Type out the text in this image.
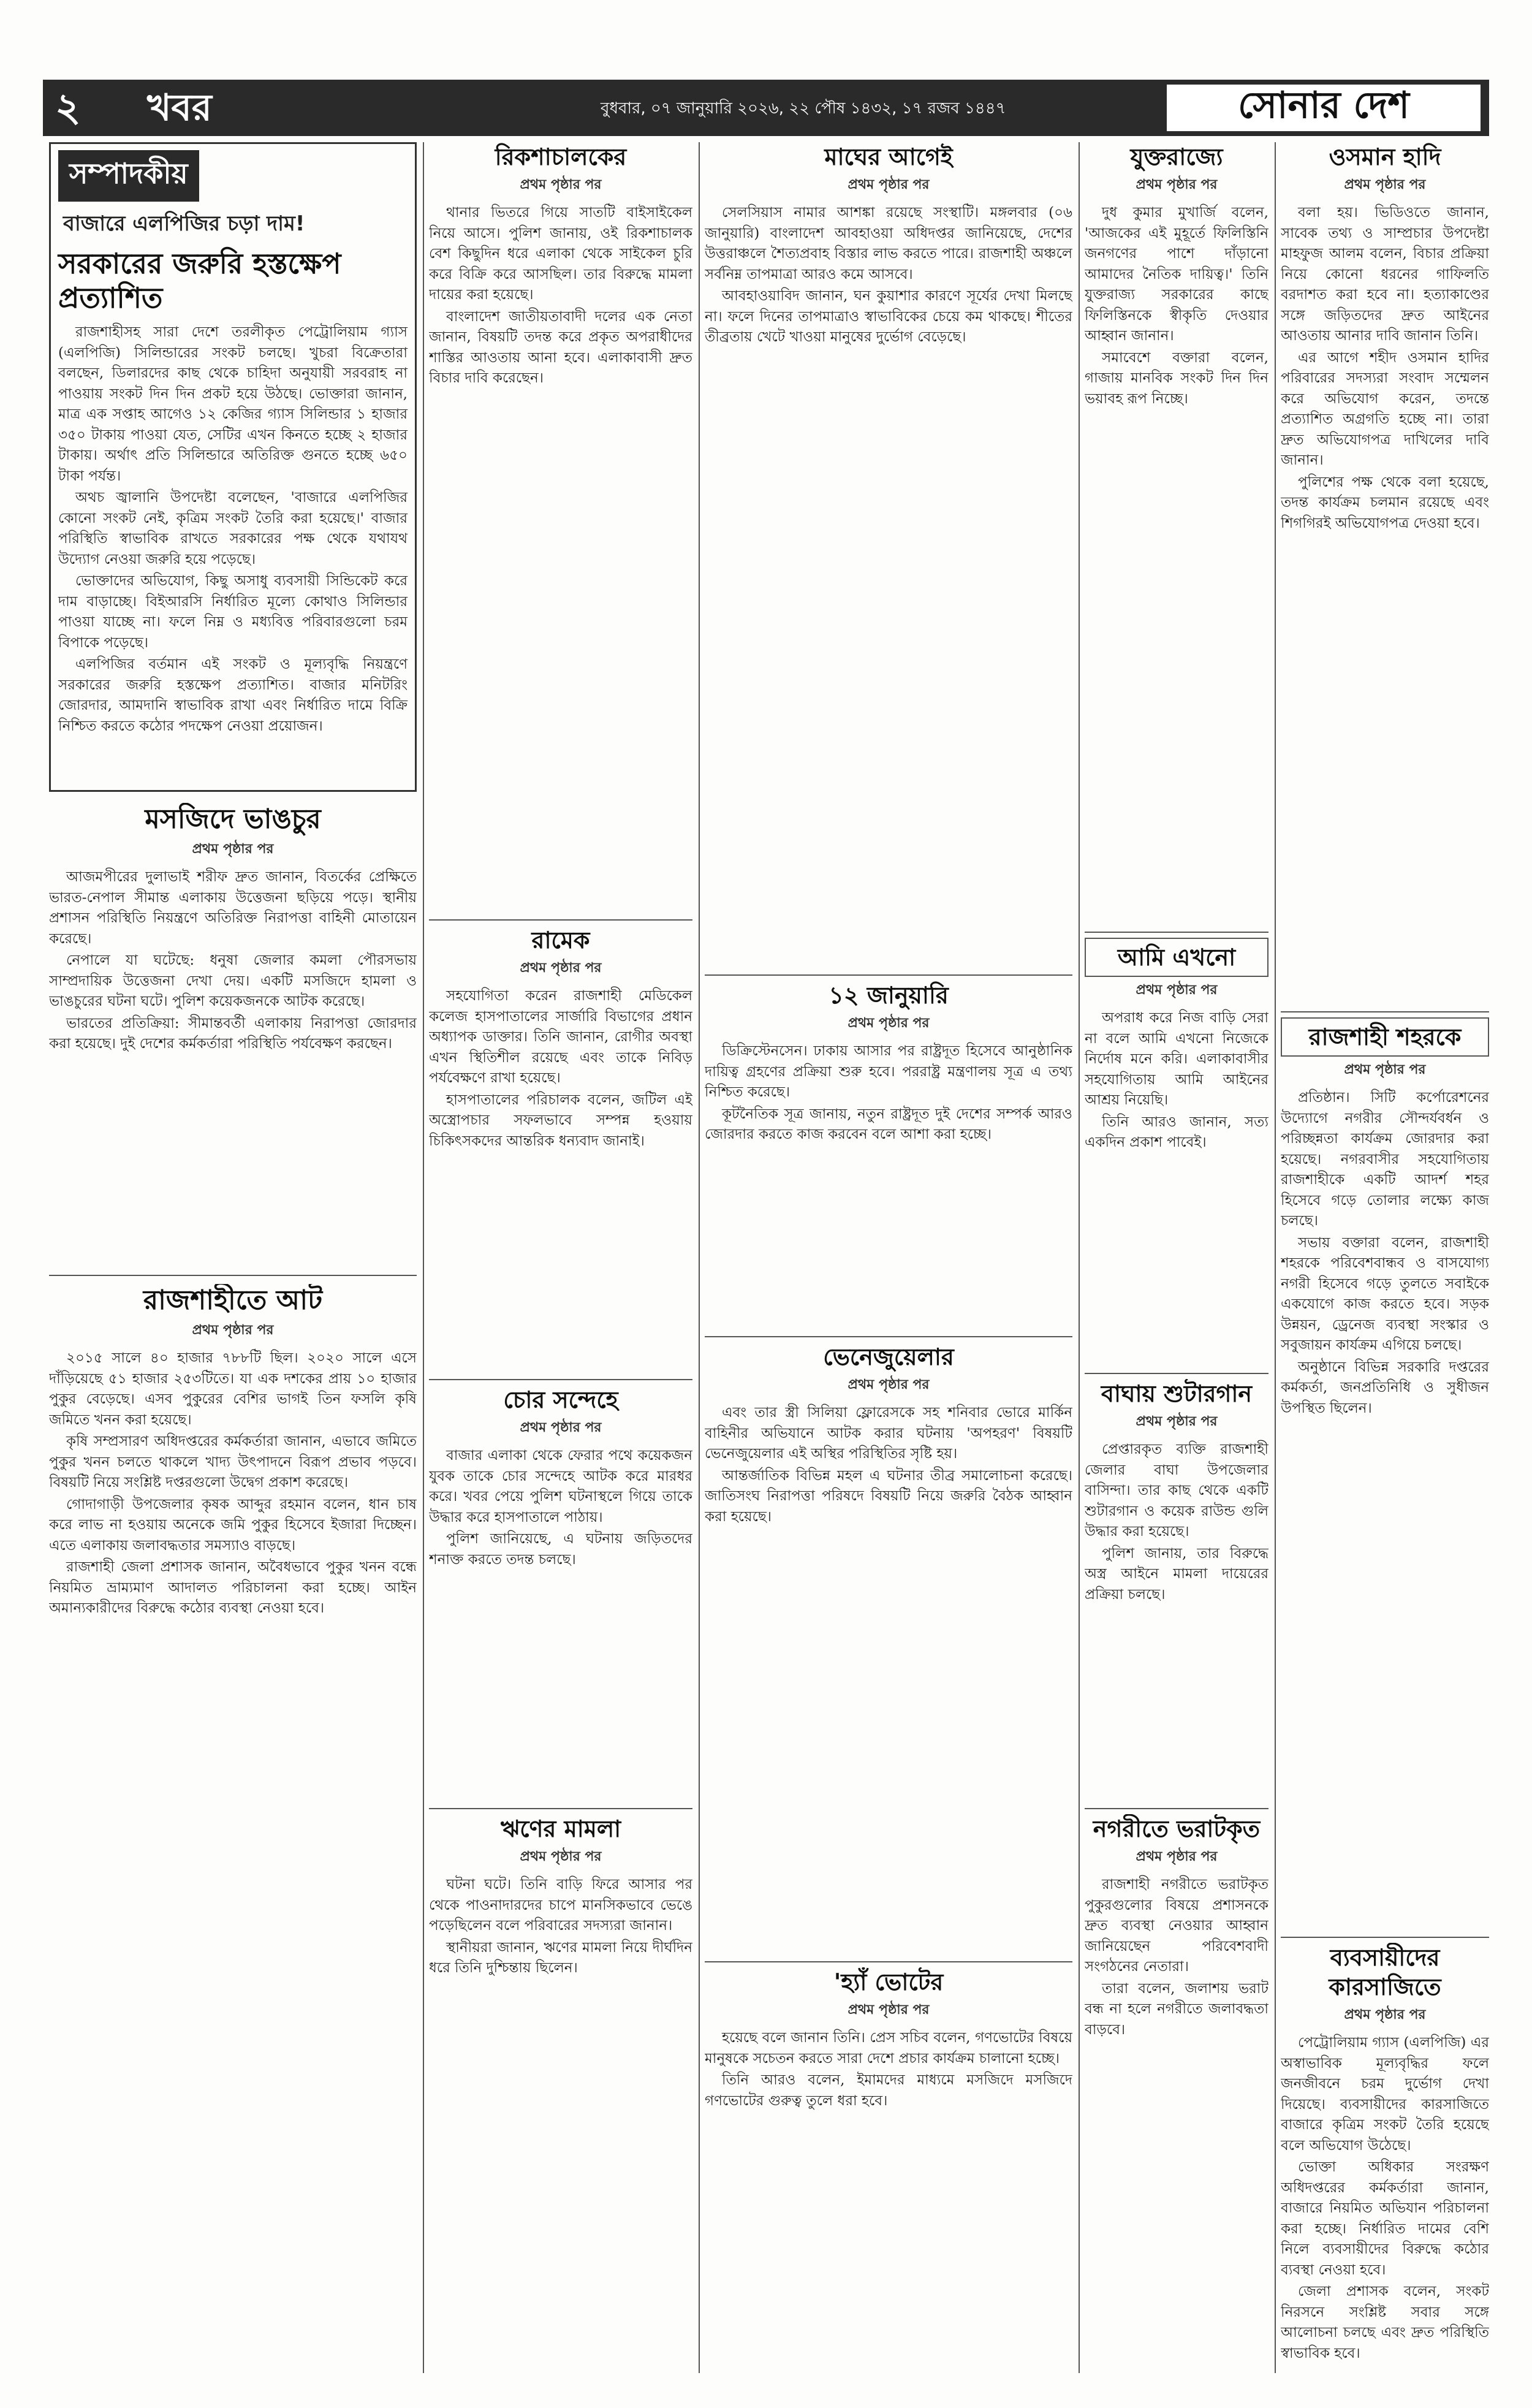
২ খবর	বুধবার, ০৭ জানুয়ারি ২০২৬, ২২ পৌষ ১৪৩২, ১৭ রজব ১৪৪৭	সোনার দেশ
সম্পাদকীয়
বাজারে এলপিজির চড়া দাম!
সরকারের জরুরি হস্তক্ষেপ প্রত্যাশিত

রাজশাহীসহ সারা দেশে তরলীকৃত পেট্রোলিয়াম গ্যাস (এলপিজি) সিলিন্ডারের সংকট চলছে। খুচরা বিক্রেতারা বলছেন, ডিলারদের কাছ থেকে চাহিদা অনুযায়ী সরবরাহ না পাওয়ায় সংকট দিন দিন প্রকট হয়ে উঠছে। ভোক্তারা জানান, মাত্র এক সপ্তাহ আগেও ১২ কেজির গ্যাস সিলিন্ডার ১ হাজার ৩৫০ টাকায় পাওয়া যেত, সেটির এখন কিনতে হচ্ছে ২ হাজার টাকায়। অর্থাৎ প্রতি সিলিন্ডারে অতিরিক্ত গুনতে হচ্ছে ৬৫০ টাকা পর্যন্ত।

অথচ জ্বালানি উপদেষ্টা বলেছেন, 'বাজারে এলপিজির কোনো সংকট নেই, কৃত্রিম সংকট তৈরি করা হয়েছে।' বাজার পরিস্থিতি স্বাভাবিক রাখতে সরকারের পক্ষ থেকে যথাযথ উদ্যোগ নেওয়া জরুরি হয়ে পড়েছে।

ভোক্তাদের অভিযোগ, কিছু অসাধু ব্যবসায়ী সিন্ডিকেট করে দাম বাড়াচ্ছে। বিইআরসি নির্ধারিত মূল্যে কোথাও সিলিন্ডার পাওয়া যাচ্ছে না। ফলে নিম্ন ও মধ্যবিত্ত পরিবারগুলো চরম বিপাকে পড়েছে।

এলপিজির বর্তমান এই সংকট ও মূল্যবৃদ্ধি নিয়ন্ত্রণে সরকারের জরুরি হস্তক্ষেপ প্রত্যাশিত। বাজার মনিটরিং জোরদার, আমদানি স্বাভাবিক রাখা এবং নির্ধারিত দামে বিক্রি নিশ্চিত করতে কঠোর পদক্ষেপ নেওয়া প্রয়োজন।

মসজিদে ভাঙচুর
প্রথম পৃষ্ঠার পর

আজমপীরের দুলাভাই শরীফ দ্রুত জানান, বিতর্কের প্রেক্ষিতে ভারত-নেপাল সীমান্ত এলাকায় উত্তেজনা ছড়িয়ে পড়ে। স্থানীয় প্রশাসন পরিস্থিতি নিয়ন্ত্রণে অতিরিক্ত নিরাপত্তা বাহিনী মোতায়েন করেছে।

নেপালে যা ঘটেছে: ধনুষা জেলার কমলা পৌরসভায় সাম্প্রদায়িক উত্তেজনা দেখা দেয়। একটি মসজিদে হামলা ও ভাঙচুরের ঘটনা ঘটে। পুলিশ কয়েকজনকে আটক করেছে।

ভারতের প্রতিক্রিয়া: সীমান্তবর্তী এলাকায় নিরাপত্তা জোরদার করা হয়েছে। দুই দেশের কর্মকর্তারা পরিস্থিতি পর্যবেক্ষণ করছেন।

রাজশাহীতে আট
প্রথম পৃষ্ঠার পর

২০১৫ সালে ৪০ হাজার ৭৮৮টি ছিল। ২০২০ সালে এসে দাঁড়িয়েছে ৫১ হাজার ২৫৩টিতে। যা এক দশকের প্রায় ১০ হাজার পুকুর বেড়েছে। এসব পুকুরের বেশির ভাগই তিন ফসলি কৃষি জমিতে খনন করা হয়েছে।

কৃষি সম্প্রসারণ অধিদপ্তরের কর্মকর্তারা জানান, এভাবে জমিতে পুকুর খনন চলতে থাকলে খাদ্য উৎপাদনে বিরূপ প্রভাব পড়বে। বিষয়টি নিয়ে সংশ্লিষ্ট দপ্তরগুলো উদ্বেগ প্রকাশ করেছে।

গোদাগাড়ী উপজেলার কৃষক আব্দুর রহমান বলেন, ধান চাষ করে লাভ না হওয়ায় অনেকে জমি পুকুর হিসেবে ইজারা দিচ্ছেন। এতে এলাকায় জলাবদ্ধতার সমস্যাও বাড়ছে।

রাজশাহী জেলা প্রশাসক জানান, অবৈধভাবে পুকুর খনন বন্ধে নিয়মিত ভ্রাম্যমাণ আদালত পরিচালনা করা হচ্ছে। আইন অমান্যকারীদের বিরুদ্ধে কঠোর ব্যবস্থা নেওয়া হবে।

রিকশাচালকের
প্রথম পৃষ্ঠার পর

থানার ভিতরে গিয়ে সাতটি বাইসাইকেল নিয়ে আসে। পুলিশ জানায়, ওই রিকশাচালক বেশ কিছুদিন ধরে এলাকা থেকে সাইকেল চুরি করে বিক্রি করে আসছিল। তার বিরুদ্ধে মামলা দায়ের করা হয়েছে।

বাংলাদেশ জাতীয়তাবাদী দলের এক নেতা জানান, বিষয়টি তদন্ত করে প্রকৃত অপরাধীদের শাস্তির আওতায় আনা হবে। এলাকাবাসী দ্রুত বিচার দাবি করেছেন।

রামেক
প্রথম পৃষ্ঠার পর

সহযোগিতা করেন রাজশাহী মেডিকেল কলেজ হাসপাতালের সার্জারি বিভাগের প্রধান অধ্যাপক ডাক্তার। তিনি জানান, রোগীর অবস্থা এখন স্থিতিশীল রয়েছে এবং তাকে নিবিড় পর্যবেক্ষণে রাখা হয়েছে।

হাসপাতালের পরিচালক বলেন, জটিল এই অস্ত্রোপচার সফলভাবে সম্পন্ন হওয়ায় চিকিৎসকদের আন্তরিক ধন্যবাদ জানাই।

চোর সন্দেহে
প্রথম পৃষ্ঠার পর

বাজার এলাকা থেকে ফেরার পথে কয়েকজন যুবক তাকে চোর সন্দেহে আটক করে মারধর করে। খবর পেয়ে পুলিশ ঘটনাস্থলে গিয়ে তাকে উদ্ধার করে হাসপাতালে পাঠায়।

পুলিশ জানিয়েছে, এ ঘটনায় জড়িতদের শনাক্ত করতে তদন্ত চলছে।

ঋণের মামলা
প্রথম পৃষ্ঠার পর

ঘটনা ঘটে। তিনি বাড়ি ফিরে আসার পর থেকে পাওনাদারদের চাপে মানসিকভাবে ভেঙে পড়েছিলেন বলে পরিবারের সদস্যরা জানান।

স্থানীয়রা জানান, ঋণের মামলা নিয়ে দীর্ঘদিন ধরে তিনি দুশ্চিন্তায় ছিলেন।

মাঘের আগেই
প্রথম পৃষ্ঠার পর

সেলসিয়াস নামার আশঙ্কা রয়েছে সংস্থাটি। মঙ্গলবার (০৬ জানুয়ারি) বাংলাদেশ আবহাওয়া অধিদপ্তর জানিয়েছে, দেশের উত্তরাঞ্চলে শৈত্যপ্রবাহ বিস্তার লাভ করতে পারে। রাজশাহী অঞ্চলে সর্বনিম্ন তাপমাত্রা আরও কমে আসবে।

আবহাওয়াবিদ জানান, ঘন কুয়াশার কারণে সূর্যের দেখা মিলছে না। ফলে দিনের তাপমাত্রাও স্বাভাবিকের চেয়ে কম থাকছে। শীতের তীব্রতায় খেটে খাওয়া মানুষের দুর্ভোগ বেড়েছে।

১২ জানুয়ারি
প্রথম পৃষ্ঠার পর

ডিক্রিস্টেনসেন। ঢাকায় আসার পর রাষ্ট্রদূত হিসেবে আনুষ্ঠানিক দায়িত্ব গ্রহণের প্রক্রিয়া শুরু হবে। পররাষ্ট্র মন্ত্রণালয় সূত্র এ তথ্য নিশ্চিত করেছে।

কূটনৈতিক সূত্র জানায়, নতুন রাষ্ট্রদূত দুই দেশের সম্পর্ক আরও জোরদার করতে কাজ করবেন বলে আশা করা হচ্ছে।

ভেনেজুয়েলার
প্রথম পৃষ্ঠার পর

এবং তার স্ত্রী সিলিয়া ফ্লোরেসকে সহ শনিবার ভোরে মার্কিন বাহিনীর অভিযানে আটক করার ঘটনায় 'অপহরণ' বিষয়টি ভেনেজুয়েলার এই অস্থির পরিস্থিতির সৃষ্টি হয়।

আন্তর্জাতিক বিভিন্ন মহল এ ঘটনার তীব্র সমালোচনা করেছে। জাতিসংঘ নিরাপত্তা পরিষদে বিষয়টি নিয়ে জরুরি বৈঠক আহ্বান করা হয়েছে।

'হ্যাঁ ভোটের
প্রথম পৃষ্ঠার পর

হয়েছে বলে জানান তিনি। প্রেস সচিব বলেন, গণভোটের বিষয়ে মানুষকে সচেতন করতে সারা দেশে প্রচার কার্যক্রম চালানো হচ্ছে।

তিনি আরও বলেন, ইমামদের মাধ্যমে মসজিদে মসজিদে গণভোটের গুরুত্ব তুলে ধরা হবে।

যুক্তরাজ্যে
প্রথম পৃষ্ঠার পর

দুধ কুমার মুখার্জি বলেন, 'আজকের এই মুহূর্তে ফিলিস্তিনি জনগণের পাশে দাঁড়ানো আমাদের নৈতিক দায়িত্ব।' তিনি যুক্তরাজ্য সরকারের কাছে ফিলিস্তিনকে স্বীকৃতি দেওয়ার আহ্বান জানান।

সমাবেশে বক্তারা বলেন, গাজায় মানবিক সংকট দিন দিন ভয়াবহ রূপ নিচ্ছে।

আমি এখনো
প্রথম পৃষ্ঠার পর

অপরাধ করে নিজ বাড়ি সেরা না বলে আমি এখনো নিজেকে নির্দোষ মনে করি। এলাকাবাসীর সহযোগিতায় আমি আইনের আশ্রয় নিয়েছি।

তিনি আরও জানান, সত্য একদিন প্রকাশ পাবেই।

বাঘায় শুটারগান
প্রথম পৃষ্ঠার পর

প্রেপ্তারকৃত ব্যক্তি রাজশাহী জেলার বাঘা উপজেলার বাসিন্দা। তার কাছ থেকে একটি শুটারগান ও কয়েক রাউন্ড গুলি উদ্ধার করা হয়েছে।

পুলিশ জানায়, তার বিরুদ্ধে অস্ত্র আইনে মামলা দায়েরের প্রক্রিয়া চলছে।

নগরীতে ভরাটকৃত
প্রথম পৃষ্ঠার পর

রাজশাহী নগরীতে ভরাটকৃত পুকুরগুলোর বিষয়ে প্রশাসনকে দ্রুত ব্যবস্থা নেওয়ার আহ্বান জানিয়েছেন পরিবেশবাদী সংগঠনের নেতারা।

তারা বলেন, জলাশয় ভরাট বন্ধ না হলে নগরীতে জলাবদ্ধতা বাড়বে।

ওসমান হাদি
প্রথম পৃষ্ঠার পর

বলা হয়। ভিডিওতে জানান, সাবেক তথ্য ও সাম্প্রচার উপদেষ্টা মাহফুজ আলম বলেন, বিচার প্রক্রিয়া নিয়ে কোনো ধরনের গাফিলতি বরদাশত করা হবে না। হত্যাকাণ্ডের সঙ্গে জড়িতদের দ্রুত আইনের আওতায় আনার দাবি জানান তিনি।

এর আগে শহীদ ওসমান হাদির পরিবারের সদস্যরা সংবাদ সম্মেলন করে অভিযোগ করেন, তদন্তে প্রত্যাশিত অগ্রগতি হচ্ছে না। তারা দ্রুত অভিযোগপত্র দাখিলের দাবি জানান।

পুলিশের পক্ষ থেকে বলা হয়েছে, তদন্ত কার্যক্রম চলমান রয়েছে এবং শিগগিরই অভিযোগপত্র দেওয়া হবে।

রাজশাহী শহরকে
প্রথম পৃষ্ঠার পর

প্রতিষ্ঠান। সিটি কর্পোরেশনের উদ্যোগে নগরীর সৌন্দর্যবর্ধন ও পরিচ্ছন্নতা কার্যক্রম জোরদার করা হয়েছে। নগরবাসীর সহযোগিতায় রাজশাহীকে একটি আদর্শ শহর হিসেবে গড়ে তোলার লক্ষ্যে কাজ চলছে।

সভায় বক্তারা বলেন, রাজশাহী শহরকে পরিবেশবান্ধব ও বাসযোগ্য নগরী হিসেবে গড়ে তুলতে সবাইকে একযোগে কাজ করতে হবে। সড়ক উন্নয়ন, ড্রেনেজ ব্যবস্থা সংস্কার ও সবুজায়ন কার্যক্রম এগিয়ে চলছে।

অনুষ্ঠানে বিভিন্ন সরকারি দপ্তরের কর্মকর্তা, জনপ্রতিনিধি ও সুধীজন উপস্থিত ছিলেন।

ব্যবসায়ীদের কারসাজিতে
প্রথম পৃষ্ঠার পর

পেট্রোলিয়াম গ্যাস (এলপিজি) এর অস্বাভাবিক মূল্যবৃদ্ধির ফলে জনজীবনে চরম দুর্ভোগ দেখা দিয়েছে। ব্যবসায়ীদের কারসাজিতে বাজারে কৃত্রিম সংকট তৈরি হয়েছে বলে অভিযোগ উঠেছে।

ভোক্তা অধিকার সংরক্ষণ অধিদপ্তরের কর্মকর্তারা জানান, বাজারে নিয়মিত অভিযান পরিচালনা করা হচ্ছে। নির্ধারিত দামের বেশি নিলে ব্যবসায়ীদের বিরুদ্ধে কঠোর ব্যবস্থা নেওয়া হবে।

জেলা প্রশাসক বলেন, সংকট নিরসনে সংশ্লিষ্ট সবার সঙ্গে আলোচনা চলছে এবং দ্রুত পরিস্থিতি স্বাভাবিক হবে।
